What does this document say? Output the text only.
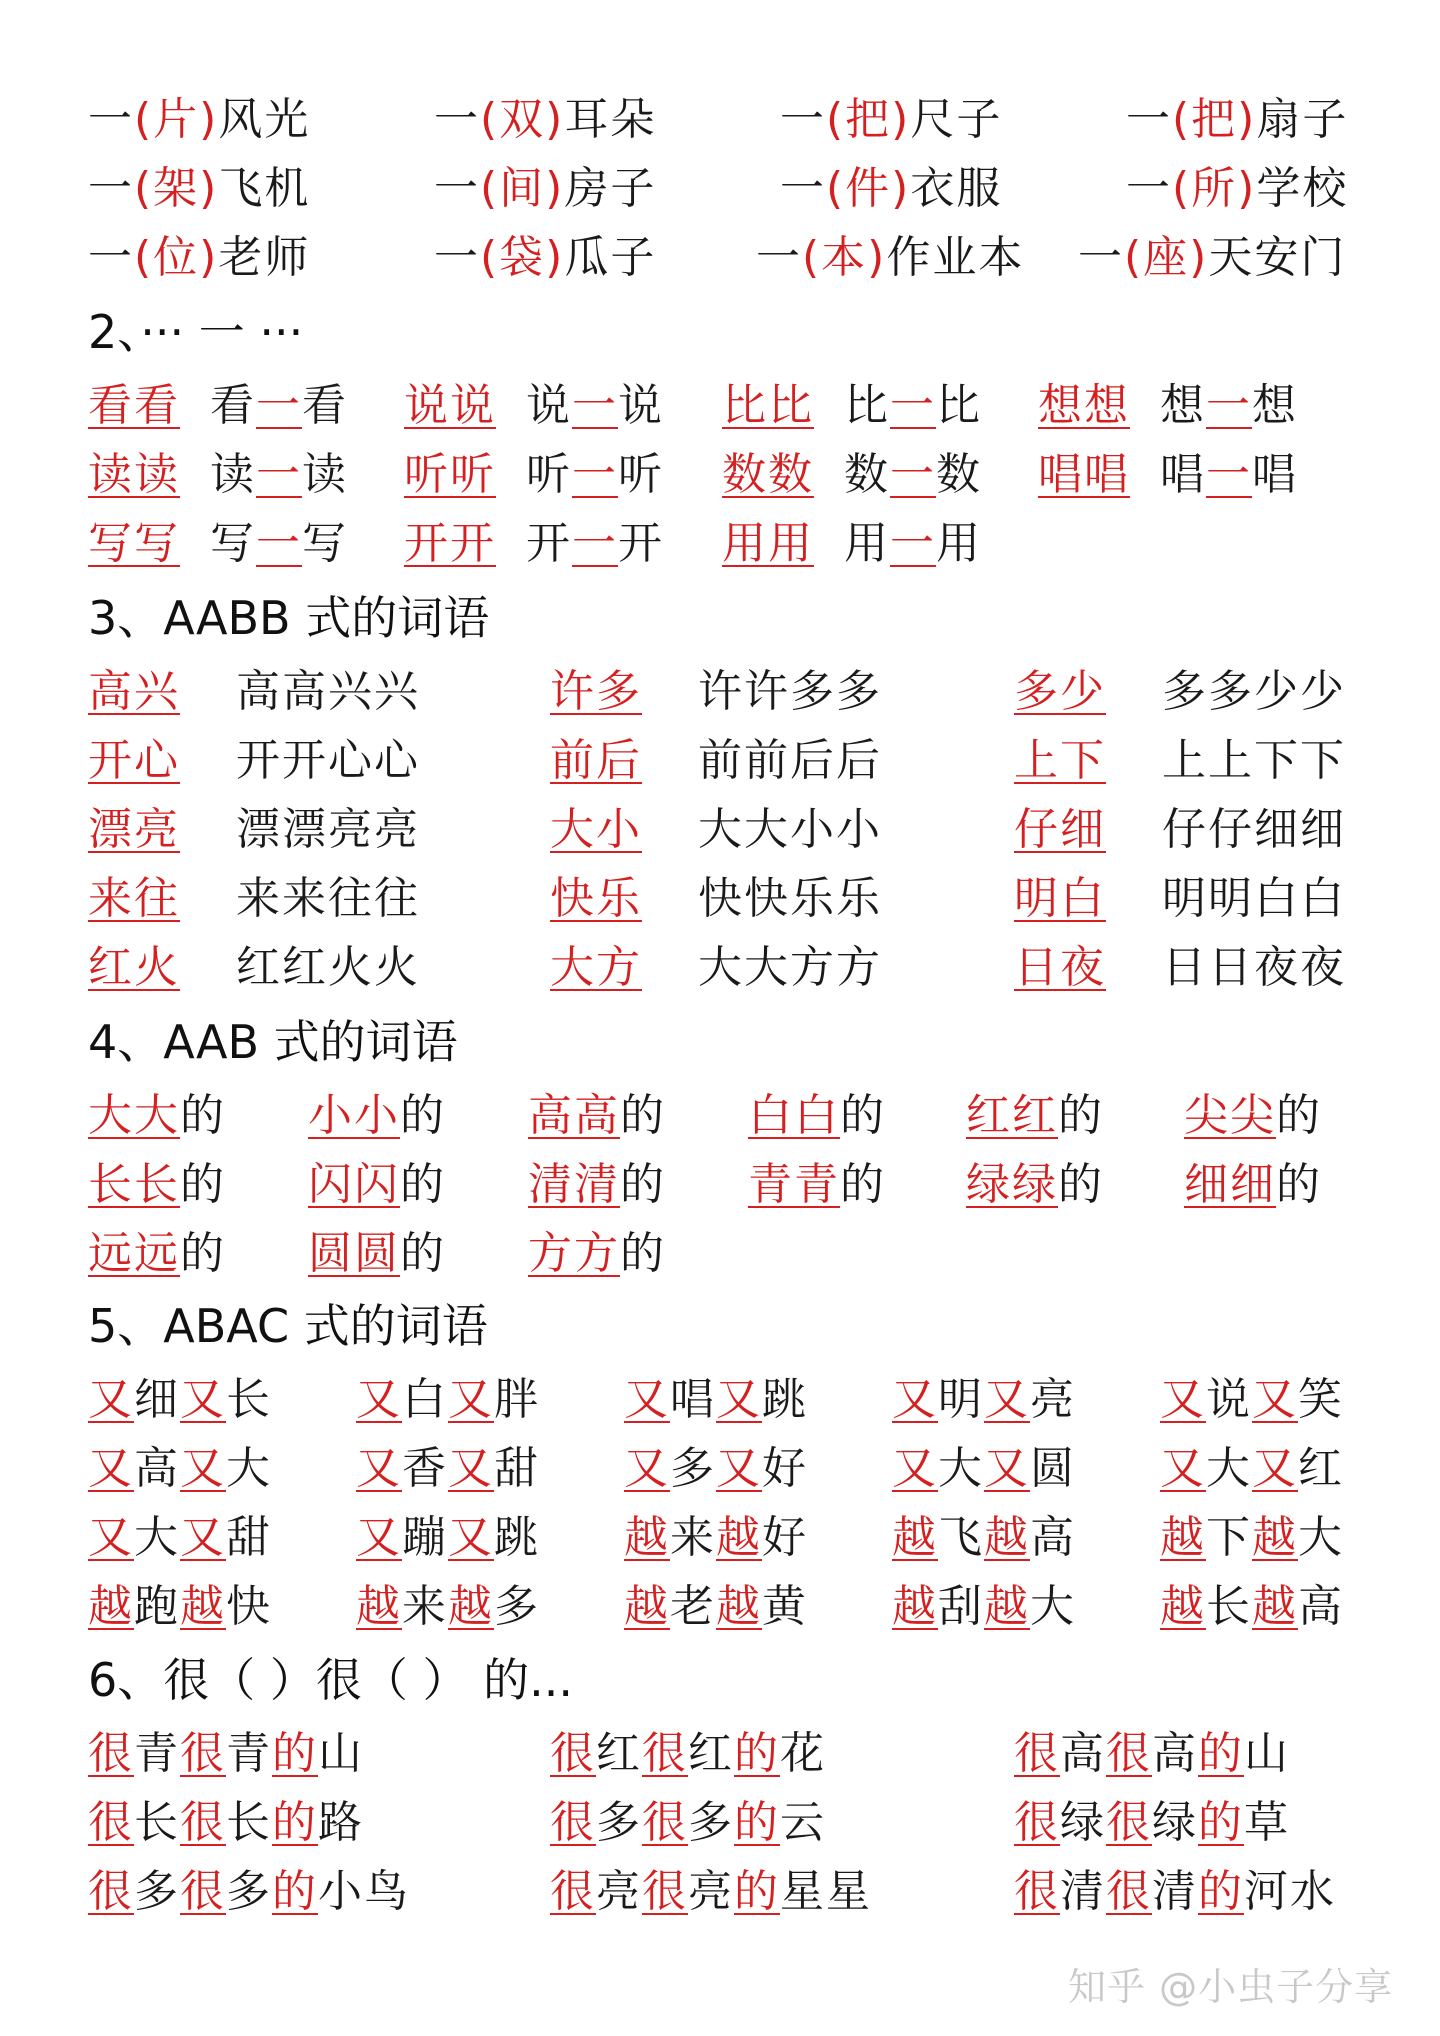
一(片)风光	一(双)耳朵	一(把)尺子	一(把)扇子
一(架)飞机	一(间)房子	一(件)衣服	一(所)学校
一(位)老师	一(袋)瓜子 一(本)作业本 一(座)天安门
2、··· 一 ···
看看 看一看 说说 说一说 比比 比一比 想想 想一想
读读 读一读 听听 听一听 数数 数一数 唱唱 唱一唱
写写 写一写 开开 开一开 用用 用一用
3、AABB 式的词语
高兴 高高兴兴	许多 许许多多	多少 多多少少
开心 开开心心	前后 前前后后	上下 上上下下
漂亮 漂漂亮亮	大小 大大小小	仔细 仔仔细细
来往 来来往往	快乐 快快乐乐	明白 明明白白
红火 红红火火	大方 大大方方	日夜 日日夜夜
4、AAB 式的词语
大大的 小小的 高高的 白白的 红红的 尖尖的
长长的 闪闪的 清清的 青青的 绿绿的 细细的
远远的 圆圆的 方方的
5、ABAC 式的词语
又细又长 又白又胖 又唱又跳 又明又亮 又说又笑
又高又大 又香又甜 又多又好 又大又圆 又大又红
又大又甜 又蹦又跳 越来越好 越飞越高 越下越大
越跑越快 越来越多 越老越黄 越刮越大 越长越高
6、很（ ）很（ ） 的...
很青很青的山	很红很红的花	很高很高的山
很长很长的路	很多很多的云	很绿很绿的草
很多很多的小鸟	很亮很亮的星星	很清很清的河水
知乎 @小虫子分享
